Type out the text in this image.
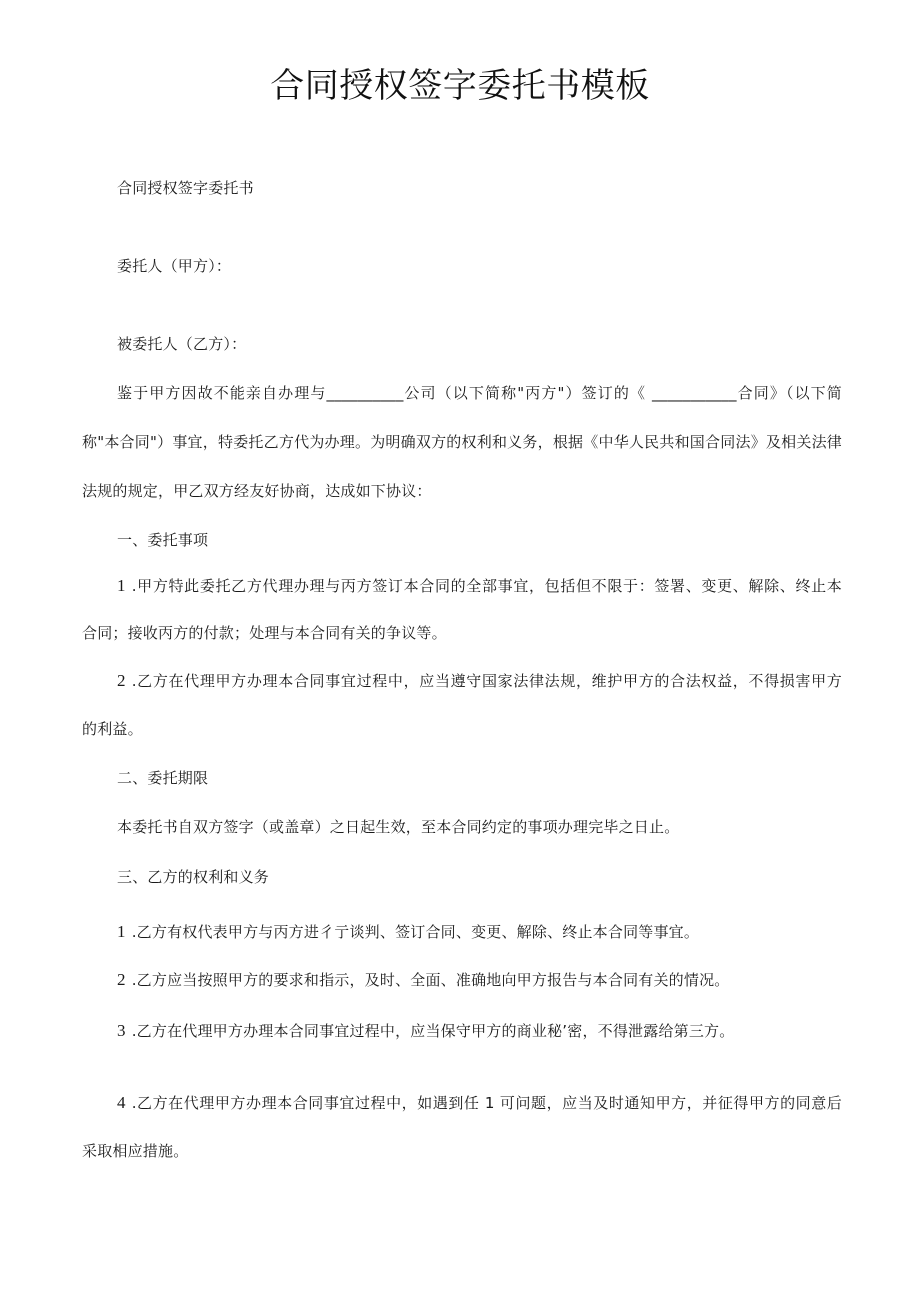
合同授权签字委托书模板
合同授权签字委托书
委托人（甲方）：
被委托人（乙方）：
鉴于甲方因故不能亲自办理与__________公司（以下简称"丙方"）签订的《 ___________合同》（以下简
称"本合同"）事宜，特委托乙方代为办理。为明确双方的权利和义务，根据《中华人民共和国合同法》及相关法律
法规的规定，甲乙双方经友好协商，达成如下协议：
一、委托事项
1 .甲方特此委托乙方代理办理与丙方签订本合同的全部事宜，包括但不限于：签署、变更、解除、终止本
合同；接收丙方的付款；处理与本合同有关的争议等。
2 .乙方在代理甲方办理本合同事宜过程中，应当遵守国家法律法规，维护甲方的合法权益，不得损害甲方
的利益。
二、委托期限
本委托书自双方签字（或盖章）之日起生效，至本合同约定的事项办理完毕之日止。
三、乙方的权利和义务
1 .乙方有权代表甲方与丙方进彳亍谈判、签订合同、变更、解除、终止本合同等事宜。
2 .乙方应当按照甲方的要求和指示，及时、全面、准确地向甲方报告与本合同有关的情况。
3 .乙方在代理甲方办理本合同事宜过程中，应当保守甲方的商业秘’密，不得泄露给第三方。
4 .乙方在代理甲方办理本合同事宜过程中，如遇到任 1 可问题，应当及时通知甲方，并征得甲方的同意后
采取相应措施。
